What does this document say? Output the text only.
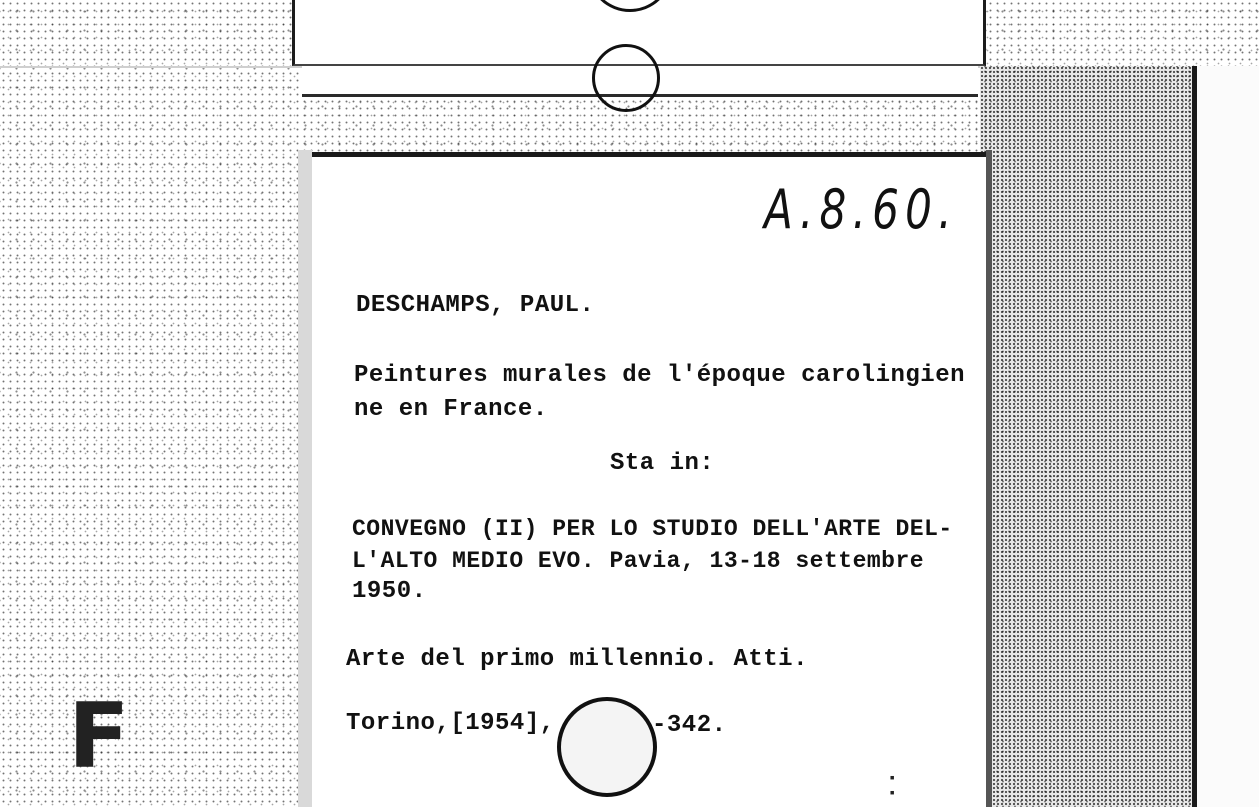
A.8.60.
DESCHAMPS, PAUL.
Peintures murales de l'époque carolingien
ne en France.
Sta in:
CONVEGNO (II) PER LO STUDIO DELL'ARTE DEL-
L'ALTO MEDIO EVO. Pavia, 13-18 settembre
1950.
Arte del primo millennio. Atti.
Torino,[1954],	-342.
F	▪
▪
